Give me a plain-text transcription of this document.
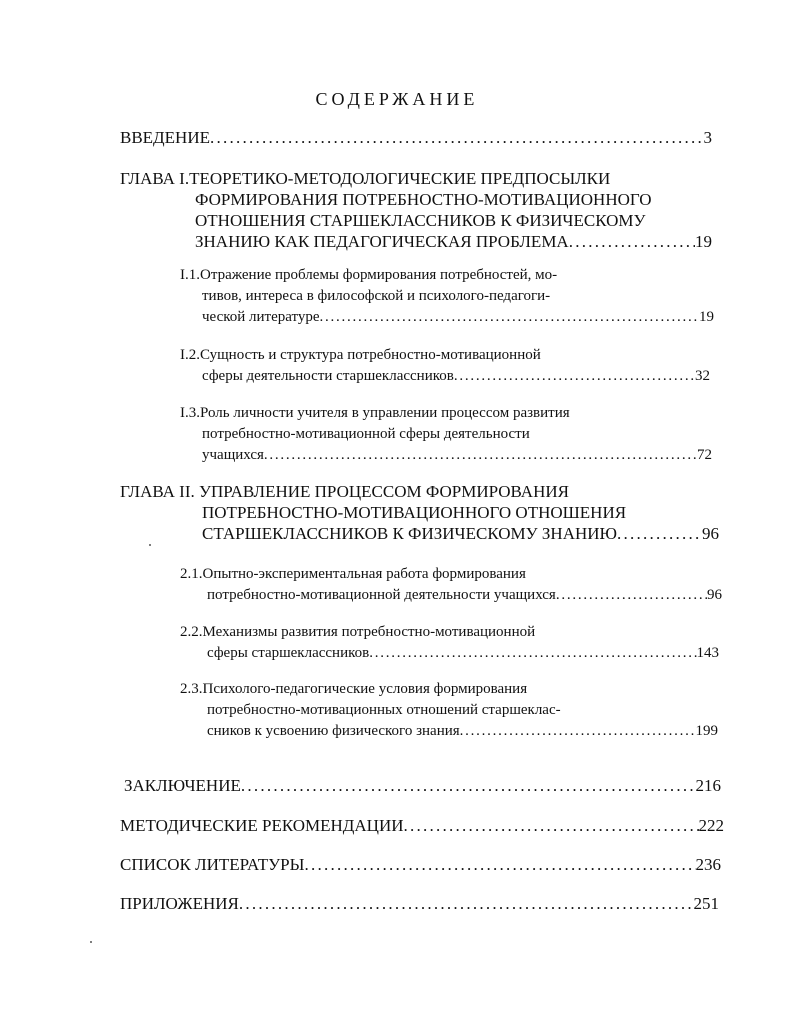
СОДЕРЖАНИЕ
ВВЕДЕНИЕ . . .	3
ГЛАВА I.ТЕОРЕТИКО-МЕТОДОЛОГИЧЕСКИЕ ПРЕДПОСЫЛКИ
ФОРМИРОВАНИЯ ПОТРЕБНОСТНО-МОТИВАЦИОННОГО
ОТНОШЕНИЯ СТАРШЕКЛАССНИКОВ К ФИЗИЧЕСКОМУ
ЗНАНИЮ КАК ПЕДАГОГИЧЕСКАЯ ПРОБЛЕМА . . .	19
I.1.Отражение проблемы формирования потребностей, мо-
тивов, интереса в философской и психолого-педагоги-
ческой литературе . . .	19
I.2.Сущность и структура потребностно-мотивационной
сферы деятельности старшеклассников . . .	32
I.3.Роль личности учителя в управлении процессом развития
потребностно-мотивационной сферы деятельности
учащихся . . .	72
ГЛАВА II. УПРАВЛЕНИЕ ПРОЦЕССОМ ФОРМИРОВАНИЯ
ПОТРЕБНОСТНО-МОТИВАЦИОННОГО ОТНОШЕНИЯ
СТАРШЕКЛАССНИКОВ К ФИЗИЧЕСКОМУ ЗНАНИЮ . . .	96
2.1.Опытно-экспериментальная работа формирования
потребностно-мотивационной деятельности учащихся . . .	96
2.2.Механизмы развития потребностно-мотивационной
сферы старшеклассников . . .	143
2.3.Психолого-педагогические условия формирования
потребностно-мотивационных отношений старшеклас-
сников к усвоению физического знания . . .	199
ЗАКЛЮЧЕНИЕ . . .	216
МЕТОДИЧЕСКИЕ РЕКОМЕНДАЦИИ . . .	222
СПИСОК ЛИТЕРАТУРЫ . . .	236
ПРИЛОЖЕНИЯ . . .	251
